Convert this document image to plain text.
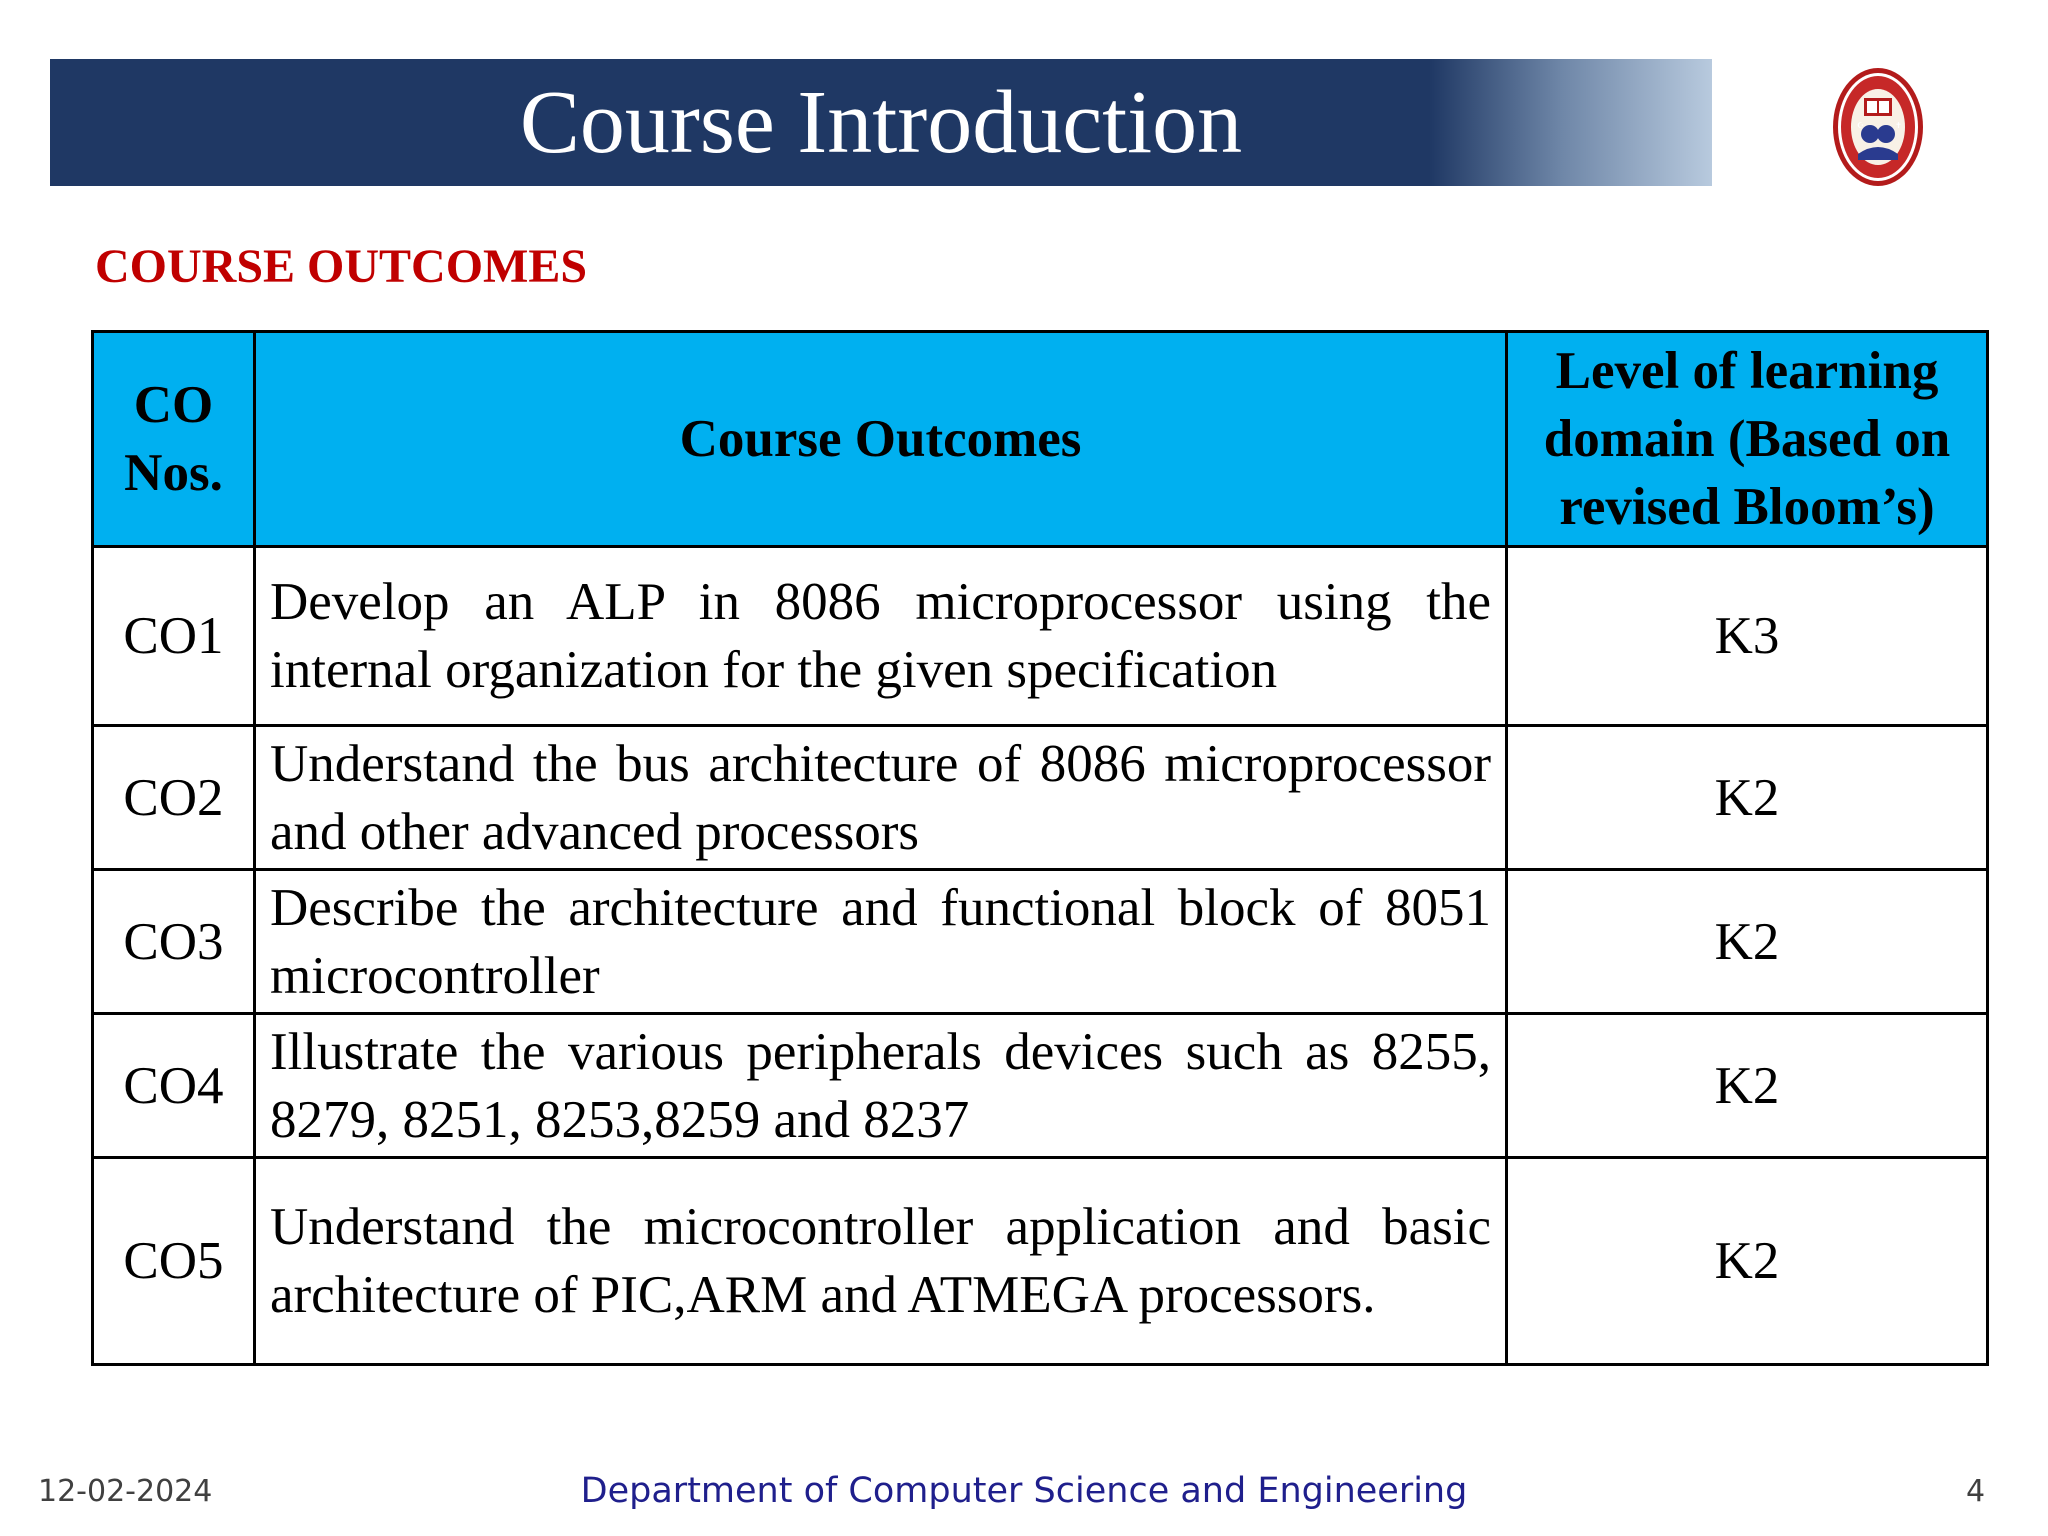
Course Introduction	☪	✝
COURSE OUTCOMES
CO Nos.	Course Outcomes	Level of learning domain (Based on revised Bloom’s)
CO1	Develop an ALP in 8086 microprocessor using the internal organization for the given specification	K3
CO2	Understand the bus architecture of 8086 microprocessor and other advanced processors	K2
CO3	Describe the architecture and functional block of 8051 microcontroller	K2
CO4	Illustrate the various peripherals devices such as 8255, 8279, 8251, 8253,8259 and 8237	K2
CO5	Understand the microcontroller application and basic architecture of PIC,ARM and ATMEGA processors.	K2
12-02-2024	Department of Computer Science and Engineering	4
